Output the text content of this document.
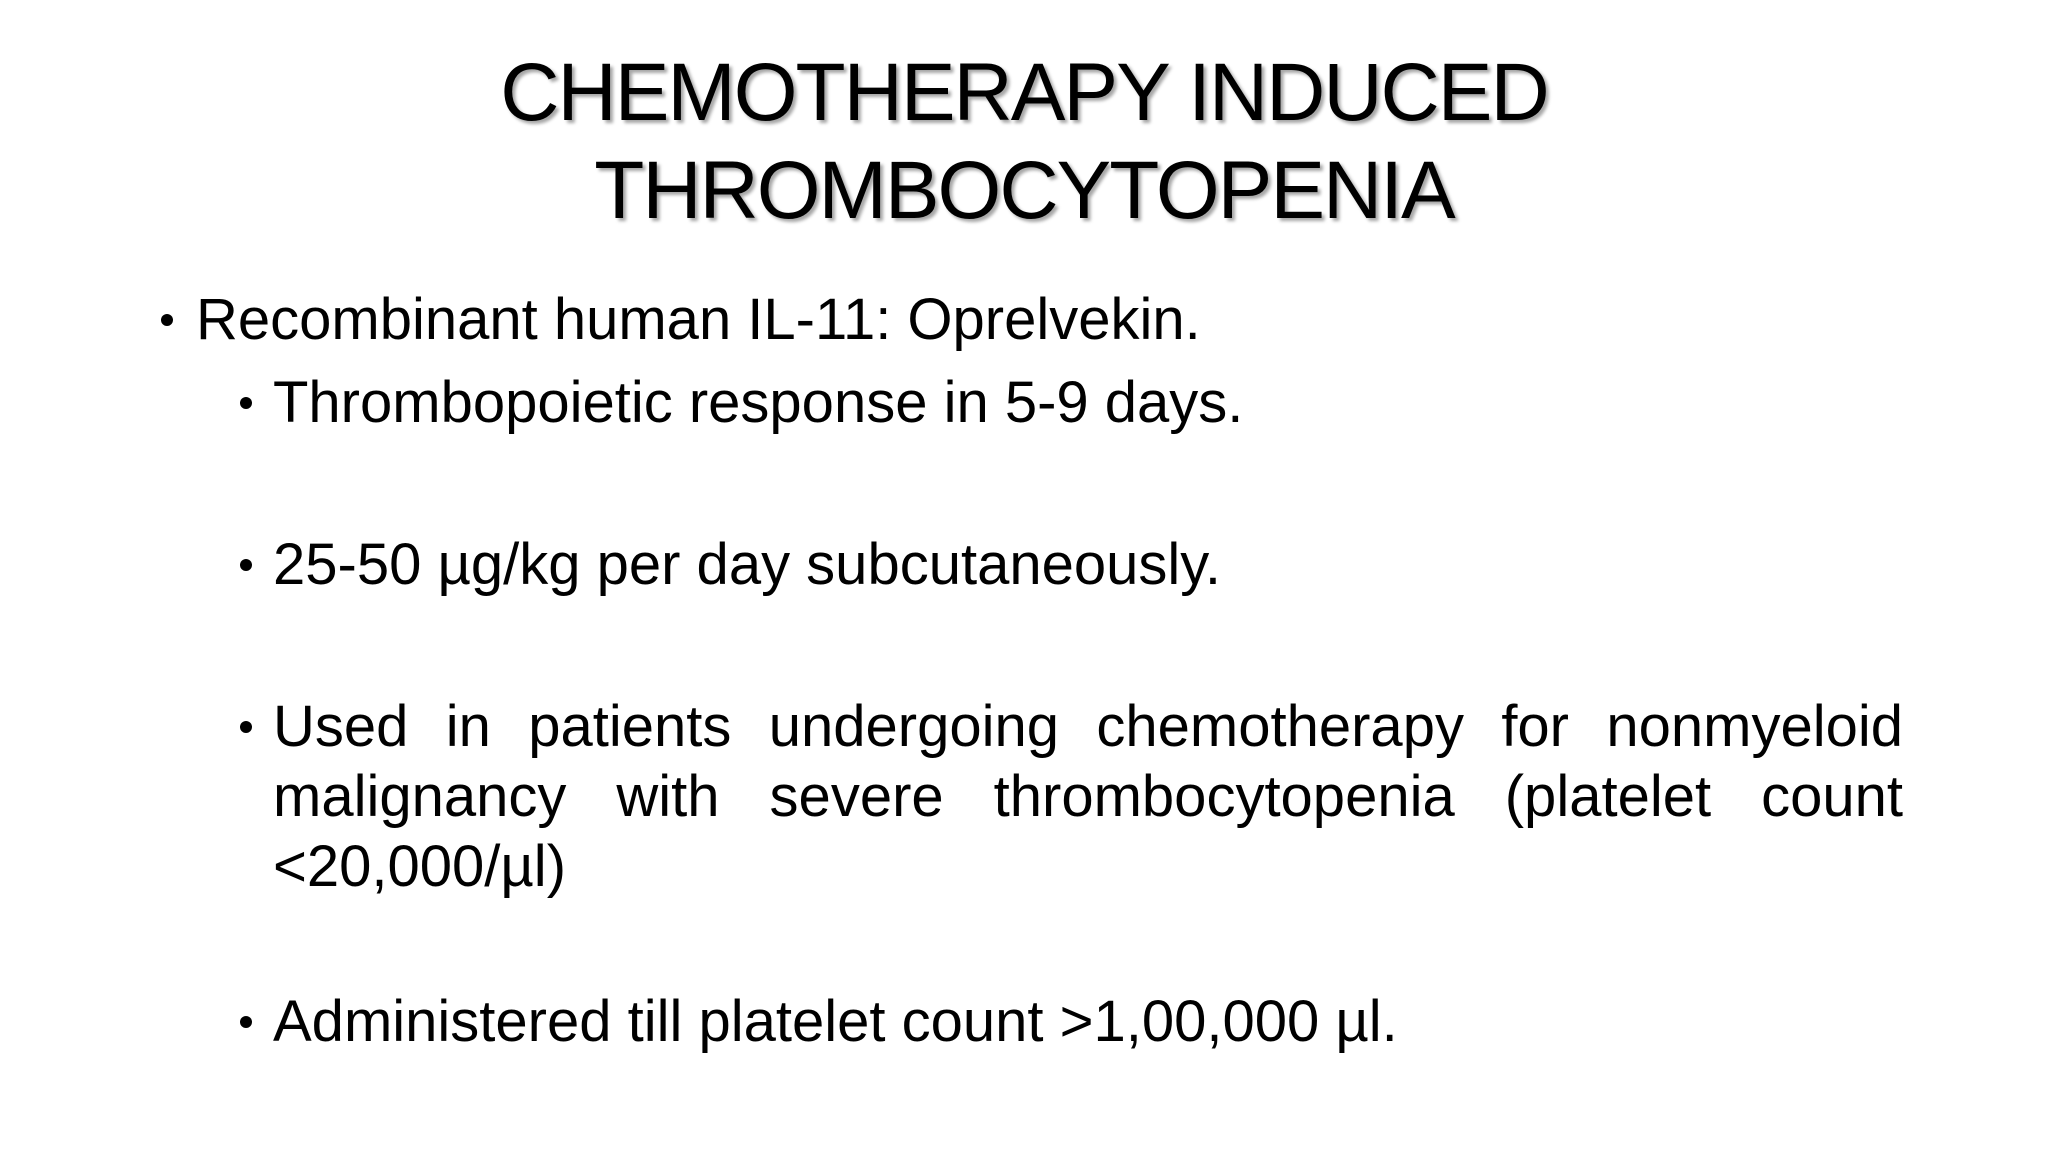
CHEMOTHERAPY INDUCED
THROMBOCYTOPENIA
Recombinant human IL-11: Oprelvekin.
Thrombopoietic response in 5-9 days.
25-50 µg/kg per day subcutaneously.
Used in patients undergoing chemotherapy for nonmyeloid malignancy with severe thrombocytopenia (platelet count <20,000/µl)
Administered till platelet count >1,00,000 µl.
